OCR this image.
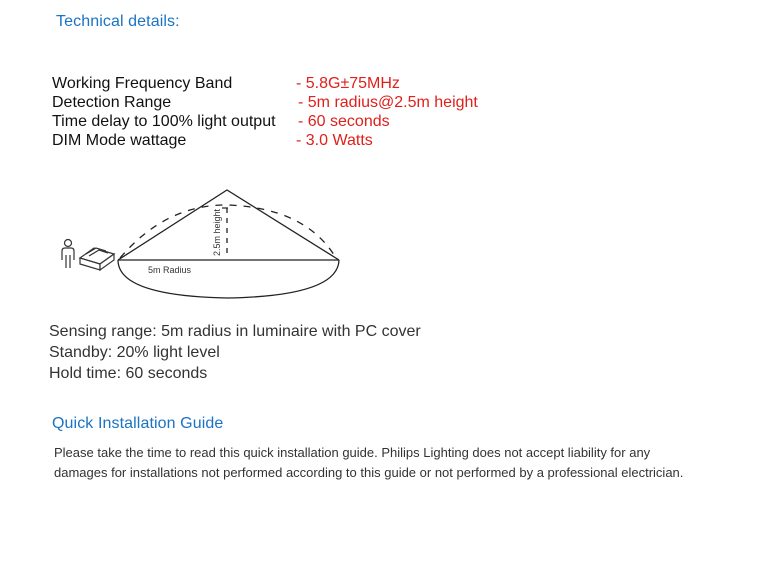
Technical details:
Working Frequency Band	- 5.8G±75MHz
Detection Range	- 5m radius@2.5m height
Time delay to 100% light output - 60 seconds
DIM Mode wattage	- 3.0 Watts
2.5m height
5m Radius
Sensing range: 5m radius in luminaire with PC cover
Standby: 20% light level
Hold time: 60 seconds
Quick Installation Guide
Please take the time to read this quick installation guide. Philips Lighting does not accept liability for any damages for installations not performed according to this guide or not performed by a professional electrician.
